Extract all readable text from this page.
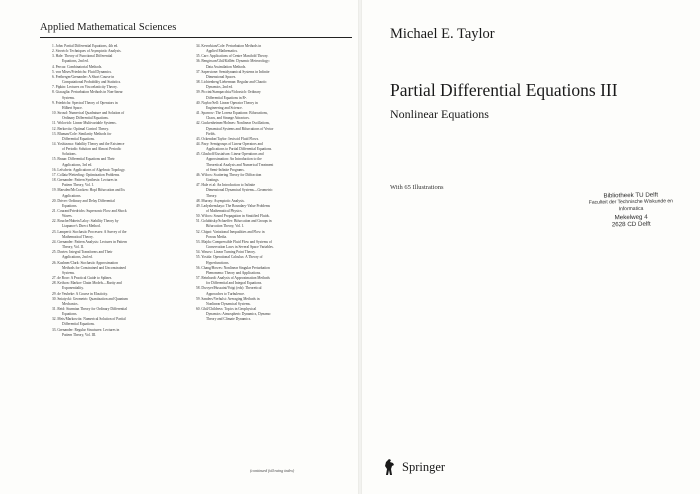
Applied Mathematical Sciences
1. John: Partial Differential Equations, 4th ed.
2. Sirovich: Techniques of Asymptotic Analysis.
3. Hale: Theory of Functional Differential
Equations, 2nd ed.
4. Percus: Combinatorial Methods.
5. von Mises/Friedrichs: Fluid Dynamics.
6. Freiberger/Grenander: A Short Course in
Computational Probability and Statistics.
7. Pipkin: Lectures on Viscoelasticity Theory.
8. Giacaglia: Perturbation Methods in Non-linear
Systems.
9. Friedrichs: Spectral Theory of Operators in
Hilbert Space.
10. Stroud: Numerical Quadrature and Solution of
Ordinary Differential Equations.
11. Wolovich: Linear Multivariable Systems.
12. Berkovitz: Optimal Control Theory.
13. Bluman/Cole: Similarity Methods for
Differential Equations.
14. Yoshizawa: Stability Theory and the Existence
of Periodic Solution and Almost Periodic
Solutions.
15. Braun: Differential Equations and Their
Applications, 3rd ed.
16. Lefschetz: Applications of Algebraic Topology.
17. Collatz/Wetterling: Optimization Problems.
18. Grenander: Pattern Synthesis: Lectures in
Pattern Theory, Vol. I.
19. Marsden/McCracken: Hopf Bifurcation and Its
Applications.
20. Driver: Ordinary and Delay Differential
Equations.
21. Courant/Friedrichs: Supersonic Flow and Shock
Waves.
22. Rouche/Habets/Laloy: Stability Theory by
Liapunov's Direct Method.
23. Lamperti: Stochastic Processes: A Survey of the
Mathematical Theory.
24. Grenander: Pattern Analysis: Lectures in Pattern
Theory, Vol. II.
25. Davies: Integral Transforms and Their
Applications, 2nd ed.
26. Kushner/Clark: Stochastic Approximation
Methods for Constrained and Unconstrained
Systems.
27. de Boor: A Practical Guide to Splines.
28. Keilson: Markov Chain Models—Rarity and
Exponentiality.
29. de Veubeke: A Course in Elasticity.
30. Sniatycki: Geometric Quantization and Quantum
Mechanics.
31. Reid: Sturmian Theory for Ordinary Differential
Equations.
32. Meis/Markowitz: Numerical Solution of Partial
Differential Equations.
33. Grenander: Regular Structures: Lectures in
Pattern Theory, Vol. III.
34. Kevorkian/Cole: Perturbation Methods in
Applied Mathematics.
35. Carr: Applications of Centre Manifold Theory.
36. Bengtsson/Ghil/Källén: Dynamic Meteorology:
Data Assimilation Methods.
37. Saperstone: Semidynamical Systems in Infinite
Dimensional Spaces.
38. Lichtenberg/Lieberman: Regular and Chaotic
Dynamics, 2nd ed.
39. Piccini/Stampacchia/Vidossich: Ordinary
Differential Equations in Rⁿ.
40. Naylor/Sell: Linear Operator Theory in
Engineering and Science.
41. Sparrow: The Lorenz Equations: Bifurcations,
Chaos, and Strange Attractors.
42. Guckenheimer/Holmes: Nonlinear Oscillations,
Dynamical Systems and Bifurcations of Vector
Fields.
43. Ockendon/Taylor: Inviscid Fluid Flows.
44. Pazy: Semigroups of Linear Operators and
Applications to Partial Differential Equations.
45. Glashoff/Gustafson: Linear Operations and
Approximation: An Introduction to the
Theoretical Analysis and Numerical Treatment
of Semi-Infinite Programs.
46. Wilcox: Scattering Theory for Diffraction
Gratings.
47. Hale et al: An Introduction to Infinite
Dimensional Dynamical Systems—Geometric
Theory.
48. Murray: Asymptotic Analysis.
49. Ladyzhenskaya: The Boundary-Value Problems
of Mathematical Physics.
50. Wilcox: Sound Propagation in Stratified Fluids.
51. Golubitsky/Schaeffer: Bifurcation and Groups in
Bifurcation Theory, Vol. I.
52. Chipot: Variational Inequalities and Flow in
Porous Media.
53. Majda: Compressible Fluid Flow and Systems of
Conservation Laws in Several Space Variables.
54. Wasow: Linear Turning Point Theory.
55. Yosida: Operational Calculus: A Theory of
Hyperfunctions.
56. Chang/Howes: Nonlinear Singular Perturbation
Phenomena: Theory and Applications.
57. Reinhardt: Analysis of Approximation Methods
for Differential and Integral Equations.
58. Dwoyer/Hussaini/Voigt (eds): Theoretical
Approaches to Turbulence.
59. Sanders/Verhulst: Averaging Methods in
Nonlinear Dynamical Systems.
60. Ghil/Childress: Topics in Geophysical
Dynamics: Atmospheric Dynamics, Dynamo
Theory and Climate Dynamics.
(continued following index)
Michael E. Taylor
Partial Differential Equations III
Nonlinear Equations
With 65 Illustrations
Bibliotheek TU Delft
Faculteit der Technische Wiskunde en Informatica
Mekelweg 4
2628 CD Delft
Springer
